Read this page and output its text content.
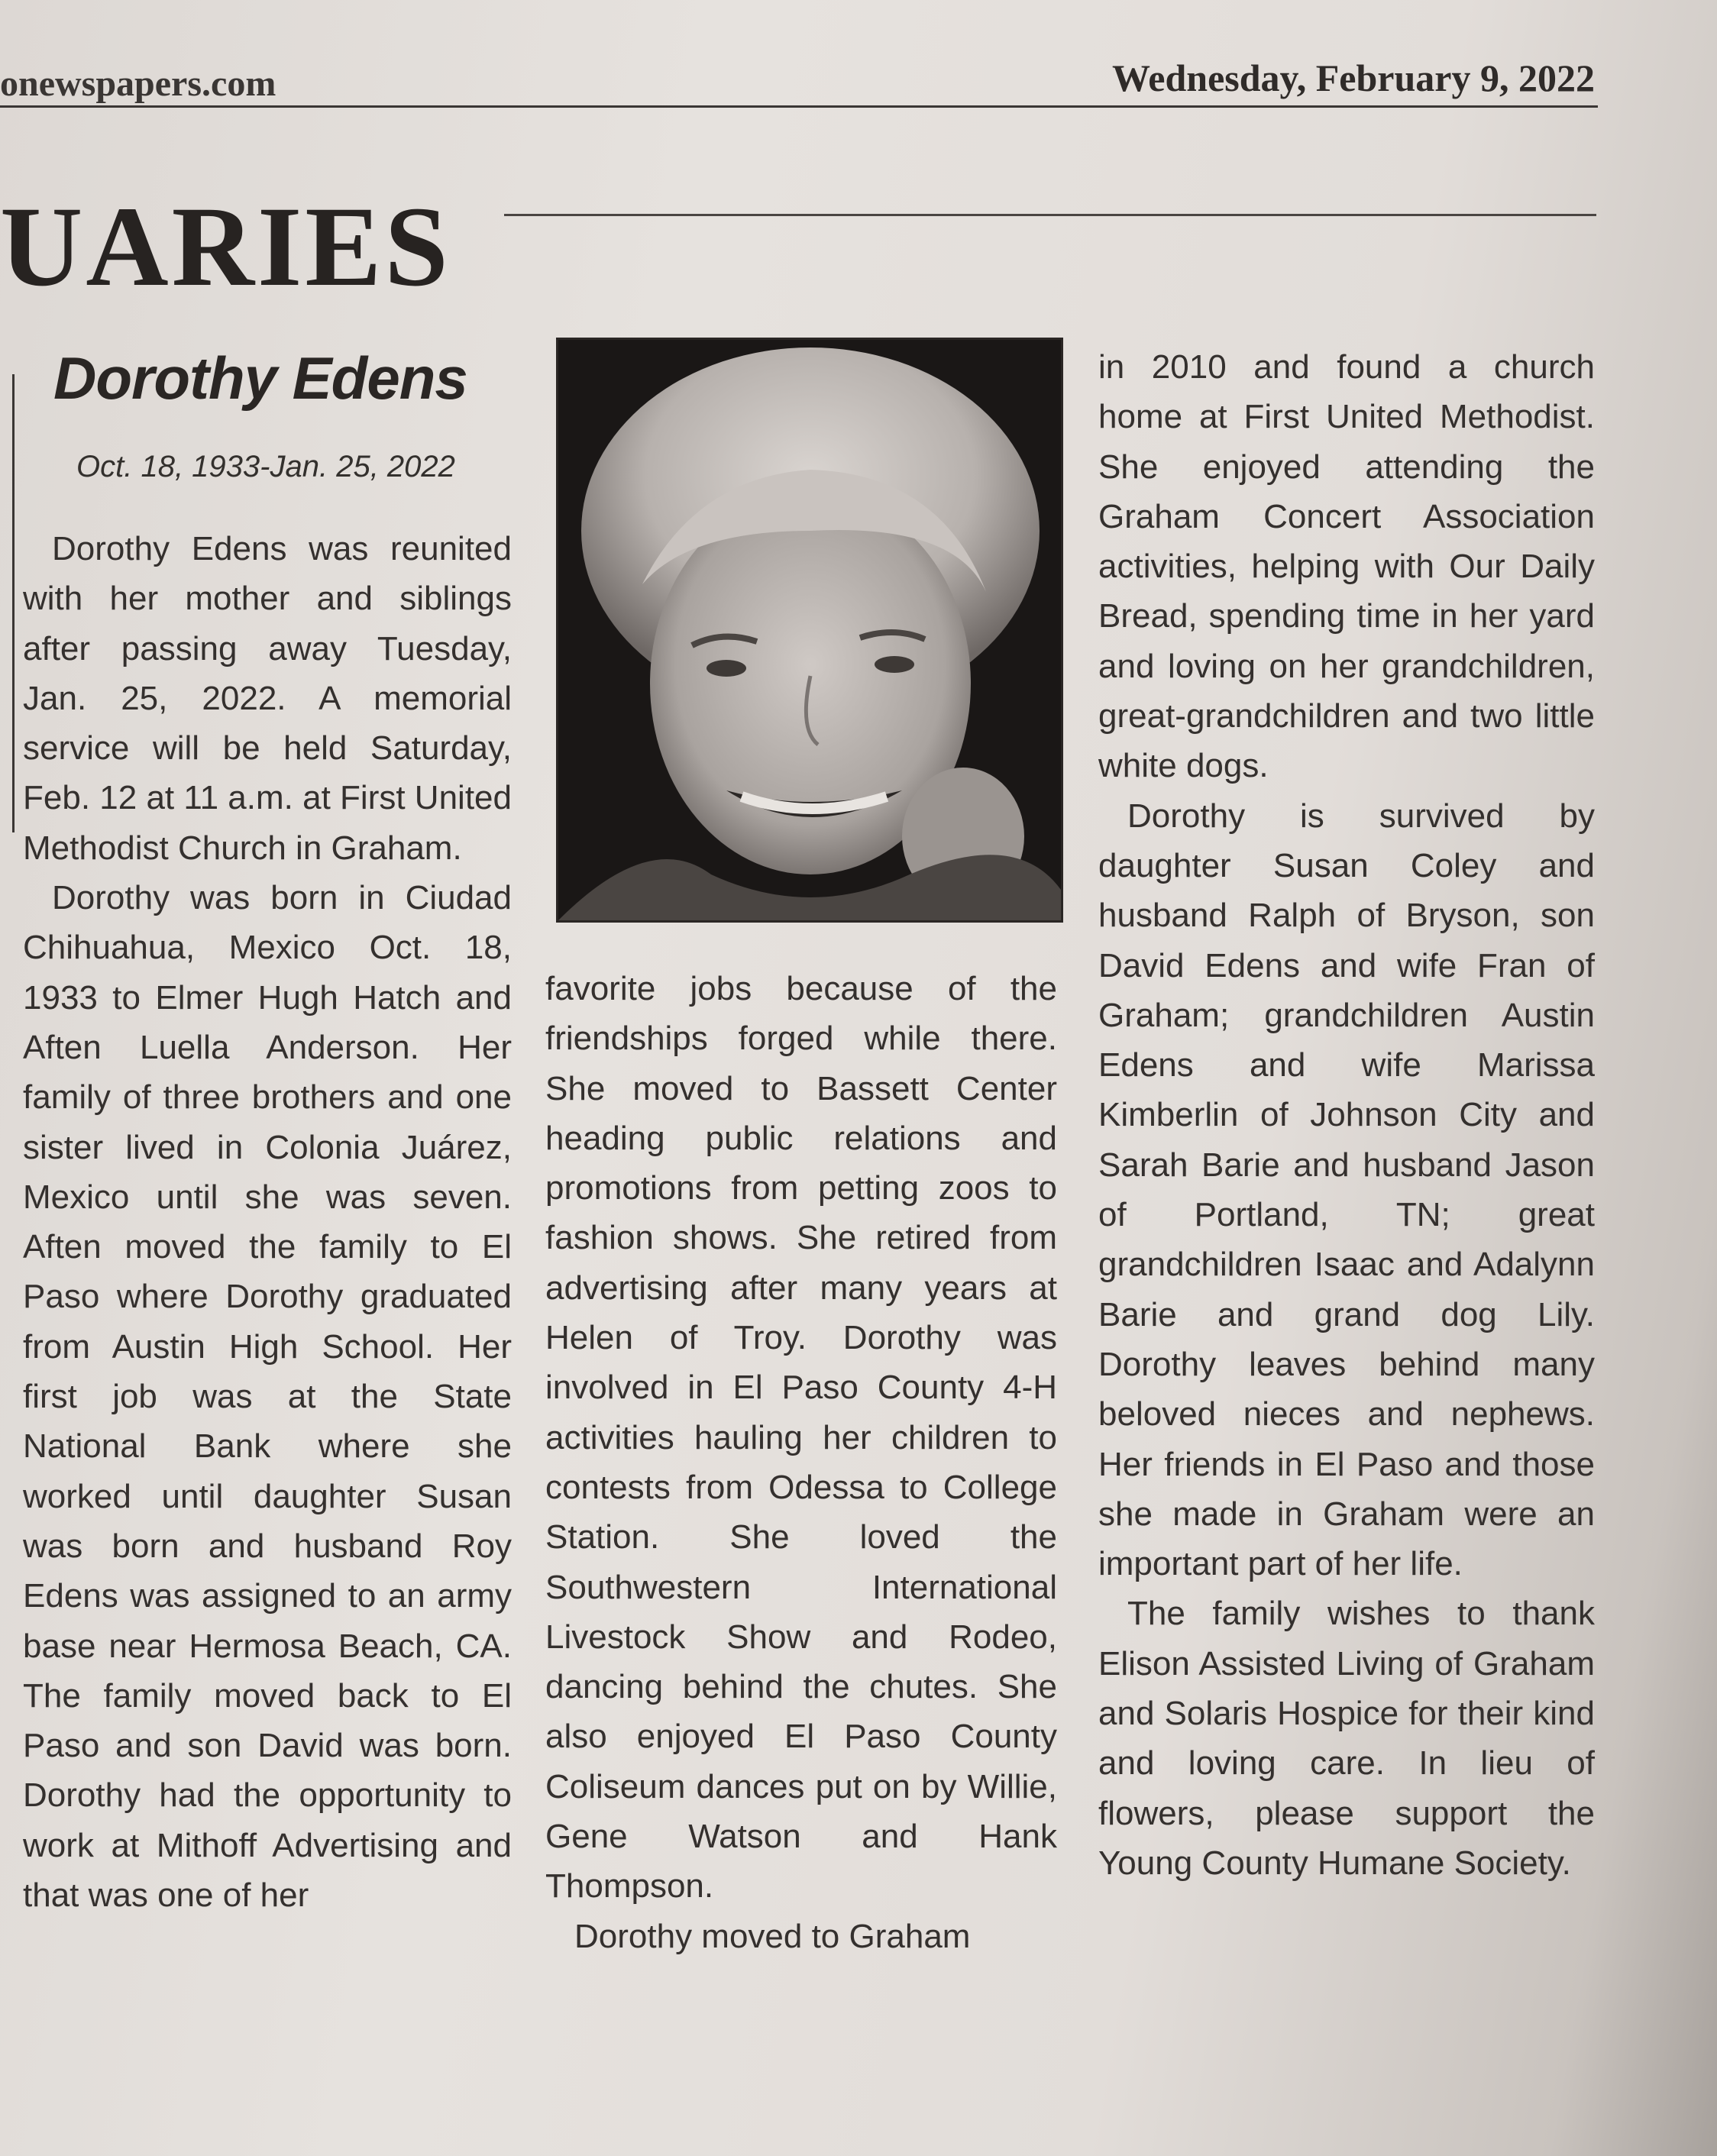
onewspapers.com	Wednesday, February 9, 2022
UARIES
Dorothy Edens
Oct. 18, 1933-Jan. 25, 2022

Dorothy Edens was reunited with her mother and siblings after passing away Tuesday, Jan. 25, 2022. A memorial service will be held Saturday, Feb. 12 at 11 a.m. at First United Methodist Church in Graham.

Dorothy was born in Ciudad Chihuahua, Mexico Oct. 18, 1933 to Elmer Hugh Hatch and Aften Luella Anderson. Her family of three brothers and one sister lived in Colonia Juárez, Mexico until she was seven. Aften moved the family to El Paso where Dorothy graduated from Austin High School. Her first job was at the State National Bank where she worked until daughter Susan was born and husband Roy Edens was assigned to an army base near Hermosa Beach, CA. The family moved back to El Paso and son David was born. Dorothy had the opportunity to work at Mithoff Advertising and that was one of her

favorite jobs because of the friendships forged while there. She moved to Bassett Center heading public relations and promotions from petting zoos to fashion shows. She retired from advertising after many years at Helen of Troy. Dorothy was involved in El Paso County 4-H activities hauling her children to contests from Odessa to College Station. She loved the Southwestern International Livestock Show and Rodeo, dancing behind the chutes. She also enjoyed El Paso County Coliseum dances put on by Willie, Gene Watson and Hank Thompson.

Dorothy moved to Graham

in 2010 and found a church home at First United Methodist. She enjoyed attending the Graham Concert Association activities, helping with Our Daily Bread, spending time in her yard and loving on her grandchildren, great-grandchildren and two little white dogs.

Dorothy is survived by daughter Susan Coley and husband Ralph of Bryson, son David Edens and wife Fran of Graham; grandchildren Austin Edens and wife Marissa Kimberlin of Johnson City and Sarah Barie and husband Jason of Portland, TN; great grandchildren Isaac and Adalynn Barie and grand dog Lily. Dorothy leaves behind many beloved nieces and nephews. Her friends in El Paso and those she made in Graham were an important part of her life.

The family wishes to thank Elison Assisted Living of Graham and Solaris Hospice for their kind and loving care. In lieu of flowers, please support the Young County Humane Society.
